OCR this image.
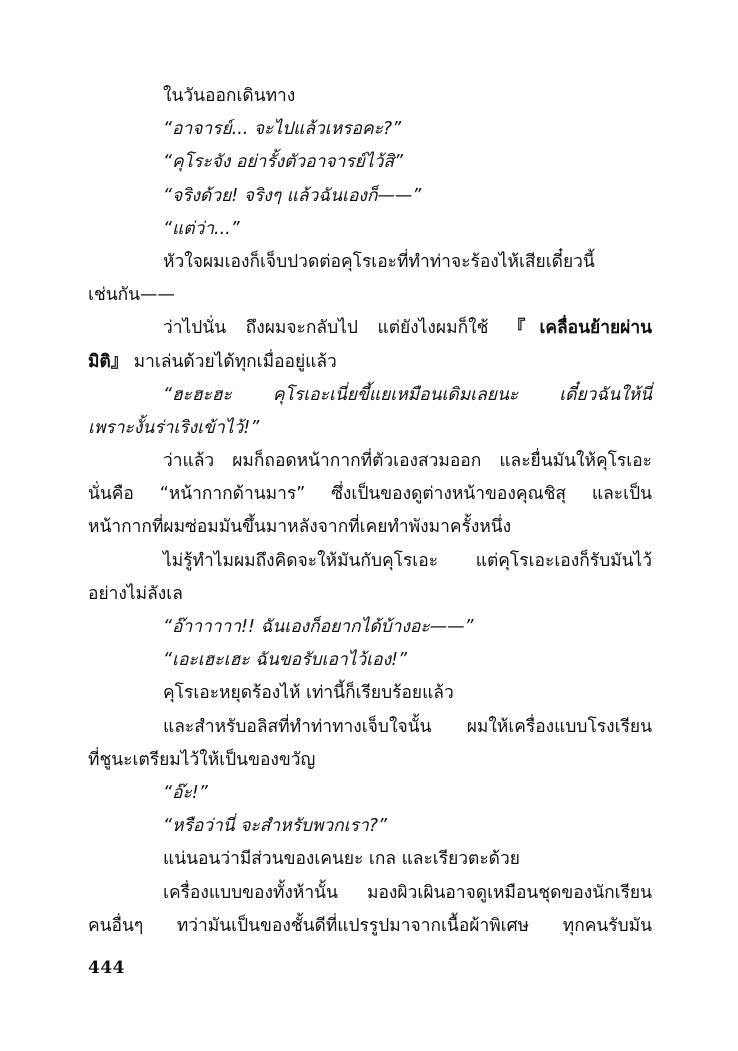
ในวันออกเดินทาง
“อาจารย์... จะไปแล้วเหรอคะ?”
“คุโระจัง อย่ารั้งตัวอาจารย์ไว้สิ”
“จริงด้วย! จริงๆ แล้วฉันเองก็——”
“แต่ว่า...”
หัวใจผมเองก็เจ็บปวดต่อคุโรเอะที่ทำท่าจะร้องไห้เสียเดี๋ยวนี้
เช่นกัน——
ว่าไปนั่น ถึงผมจะกลับไป แต่ยังไงผมก็ใช้ 『เคลื่อนย้ายผ่าน
มิติ』 มาเล่นด้วยได้ทุกเมื่ออยู่แล้ว
“ฮะฮะฮะ คุโรเอะเนี่ยขี้แยเหมือนเดิมเลยนะ เดี๋ยวฉันให้นี่
เพราะงั้นร่าเริงเข้าไว้!”
ว่าแล้ว ผมก็ถอดหน้ากากที่ตัวเองสวมออก และยื่นมันให้คุโรเอะ
นั่นคือ “หน้ากากด้านมาร” ซึ่งเป็นของดูต่างหน้าของคุณชิสุ และเป็น
หน้ากากที่ผมซ่อมมันขึ้นมาหลังจากที่เคยทำพังมาครั้งหนึ่ง
ไม่รู้ทำไมผมถึงคิดจะให้มันกับคุโรเอะ แต่คุโรเอะเองก็รับมันไว้
อย่างไม่ลังเล
“อ๊าาาาาา!! ฉันเองก็อยากได้บ้างอะ——”
“เอะเฮะเฮะ ฉันขอรับเอาไว้เอง!”
คุโรเอะหยุดร้องไห้ เท่านี้ก็เรียบร้อยแล้ว
และสำหรับอลิสที่ทำท่าทางเจ็บใจนั้น ผมให้เครื่องแบบโรงเรียน
ที่ชูนะเตรียมไว้ให้เป็นของขวัญ
“อ๊ะ!”
“หรือว่านี่ จะสำหรับพวกเรา?”
แน่นอนว่ามีส่วนของเคนยะ เกล และเรียวตะด้วย
เครื่องแบบของทั้งห้านั้น มองผิวเผินอาจดูเหมือนชุดของนักเรียน
คนอื่นๆ ทว่ามันเป็นของชั้นดีที่แปรรูปมาจากเนื้อผ้าพิเศษ ทุกคนรับมัน
444
